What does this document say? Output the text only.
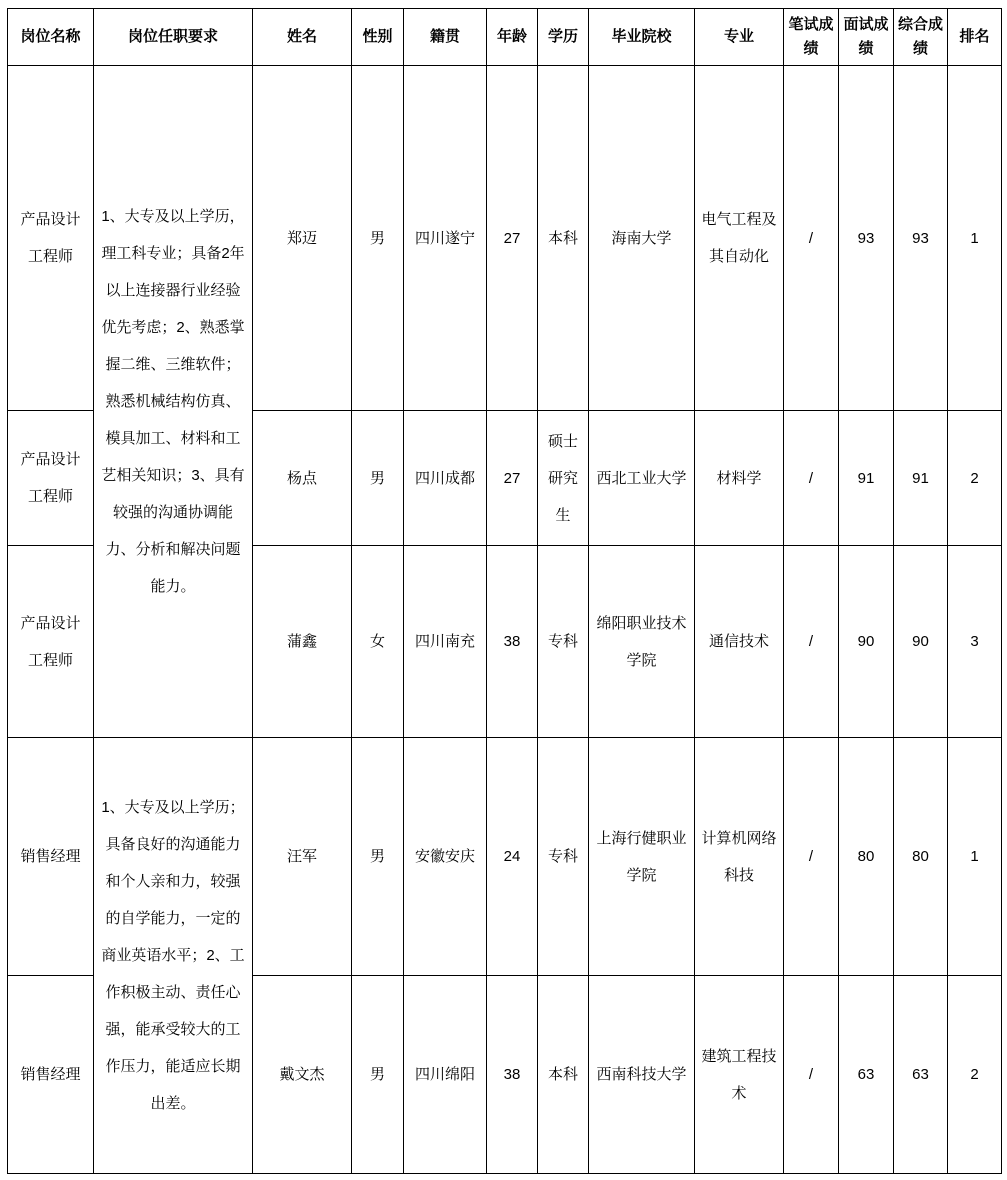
岗位名称	岗位任职要求	姓名	性别	籍贯	年龄	学历	毕业院校	专业	笔试成绩	面试成绩	综合成绩	排名
产品设计工程师	1、大专及以上学历，理工科专业；具备2年以上连接器行业经验优先考虑；2、熟悉掌握二维、三维软件；熟悉机械结构仿真、模具加工、材料和工艺相关知识；3、具有较强的沟通协调能力、分析和解决问题能力。	郑迈	男	四川遂宁	27	本科	海南大学	电气工程及其自动化	/	93	93	1
产品设计工程师		杨点	男	四川成都	27	硕士研究生	西北工业大学	材料学	/	91	91	2
产品设计工程师		蒲鑫	女	四川南充	38	专科	绵阳职业技术学院	通信技术	/	90	90	3
销售经理	1、大专及以上学历；具备良好的沟通能力和个人亲和力，较强的自学能力，一定的商业英语水平；2、工作积极主动、责任心强，能承受较大的工作压力，能适应长期出差。	汪军	男	安徽安庆	24	专科	上海行健职业学院	计算机网络科技	/	80	80	1
销售经理		戴文杰	男	四川绵阳	38	本科	西南科技大学	建筑工程技术	/	63	63	2
